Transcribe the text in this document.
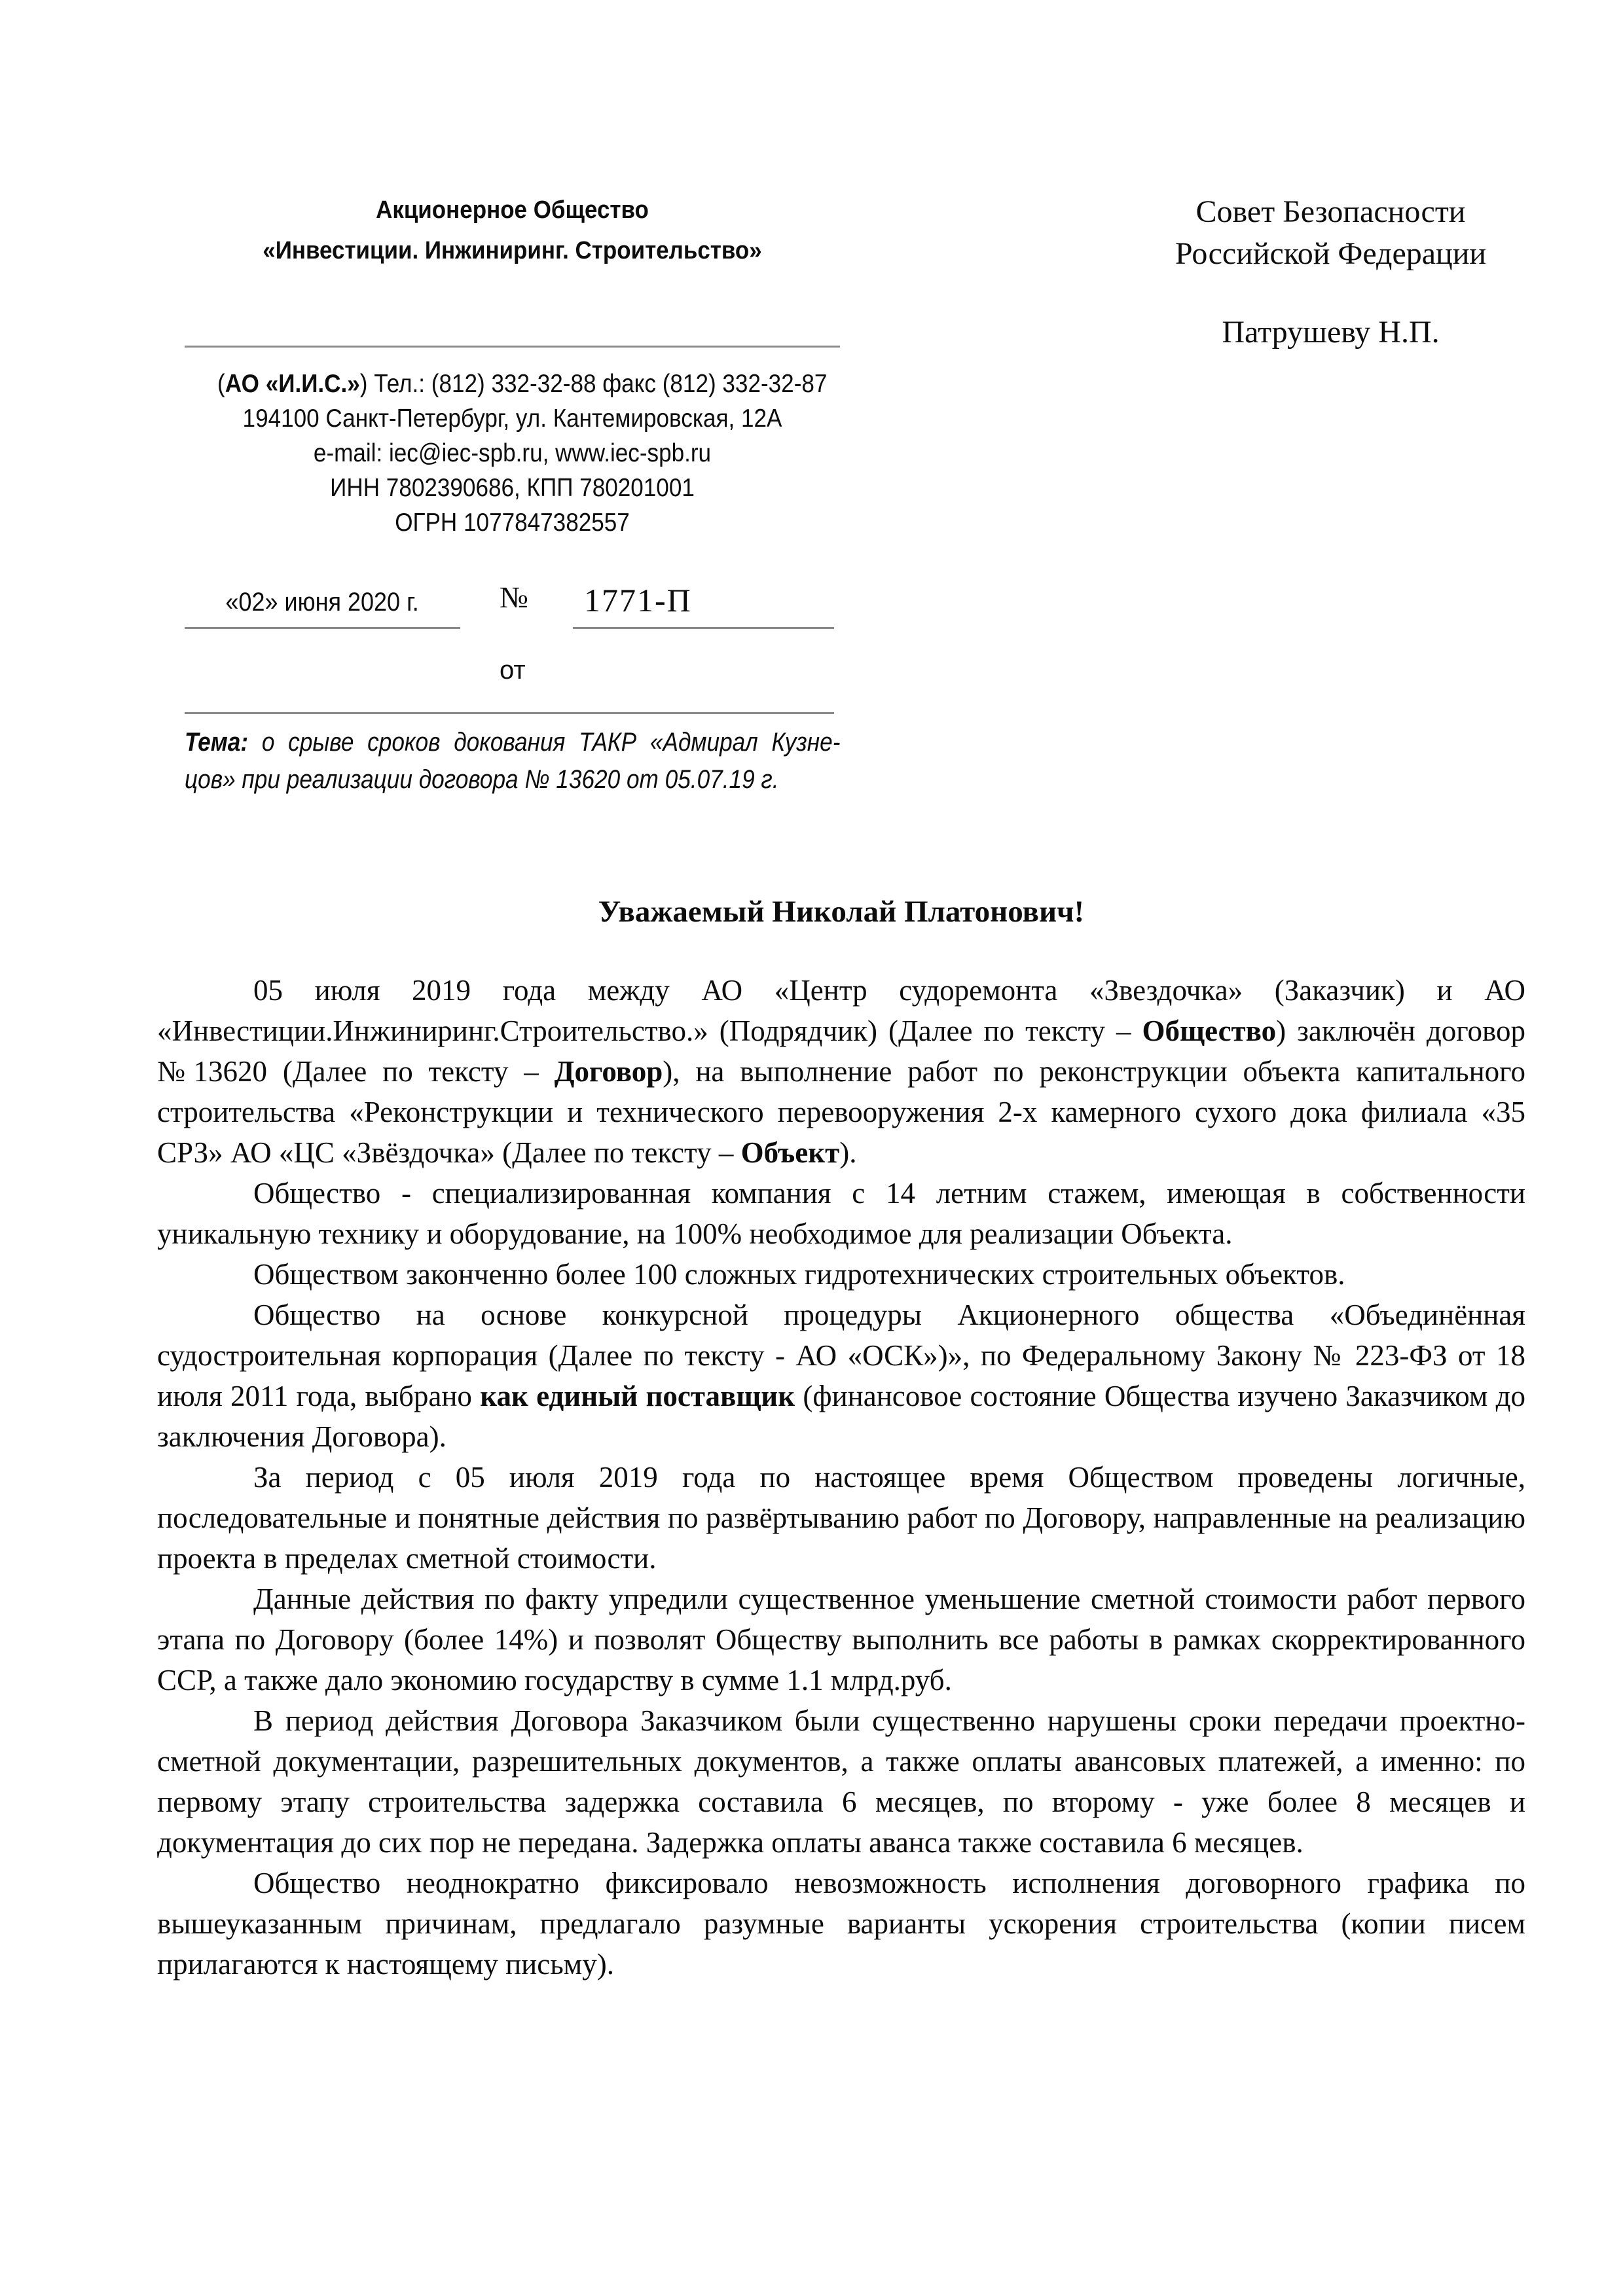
Акционерное Общество
«Инвестиции. Инжиниринг. Строительство»
(АО «И.И.С.») Тел.: (812) 332-32-88 факс (812) 332-32-87
194100 Санкт-Петербург, ул. Кантемировская, 12А
e-mail: iec@iec-spb.ru, www.iec-spb.ru
ИНН 7802390686, КПП 780201001
ОГРН 1077847382557
Совет Безопасности
Российской Федерации
Патрушеву Н.П.
«02» июня 2020 г.	№ 1771-П
от
Тема: о срыве сроков докования ТАКР «Адмирал Кузне-
цов» при реализации договора № 13620 от 05.07.19 г.
Уважаемый Николай Платонович!

05 июля 2019 года между АО «Центр судоремонта «Звездочка» (Заказчик) и АО «Инвестиции.Инжиниринг.Строительство.» (Подрядчик) (Далее по тексту – Общество) заключён договор №13620 (Далее по тексту – Договор), на выполнение работ по реконструкции объекта капитального строительства «Реконструкции и технического перевооружения 2-х камерного сухого дока филиала «35 СРЗ» АО «ЦС «Звёздочка» (Далее по тексту – Объект).

Общество - специализированная компания с 14 летним стажем, имеющая в собственности уникальную технику и оборудование, на 100% необходимое для реализации Объекта.

Обществом законченно более 100 сложных гидротехнических строительных объектов.

Общество на основе конкурсной процедуры Акционерного общества «Объединённая судостроительная корпорация (Далее по тексту - АО «ОСК»)», по Федеральному Закону № 223-ФЗ от 18 июля 2011 года, выбрано как единый поставщик (финансовое состояние Общества изучено Заказчиком до заключения Договора).

За период с 05 июля 2019 года по настоящее время Обществом проведены логичные, последовательные и понятные действия по развёртыванию работ по Договору, направленные на реализацию проекта в пределах сметной стоимости.

Данные действия по факту упредили существенное уменьшение сметной стоимости работ первого этапа по Договору (более 14%) и позволят Обществу выполнить все работы в рамках скорректированного ССР, а также дало экономию государству в сумме 1.1 млрд.руб.

В период действия Договора Заказчиком были существенно нарушены сроки передачи проектно-сметной документации, разрешительных документов, а также оплаты авансовых платежей, а именно: по первому этапу строительства задержка составила 6 месяцев, по второму - уже более 8 месяцев и документация до сих пор не передана. Задержка оплаты аванса также составила 6 месяцев.

Общество неоднократно фиксировало невозможность исполнения договорного графика по вышеуказанным причинам, предлагало разумные варианты ускорения строительства (копии писем прилагаются к настоящему письму).
